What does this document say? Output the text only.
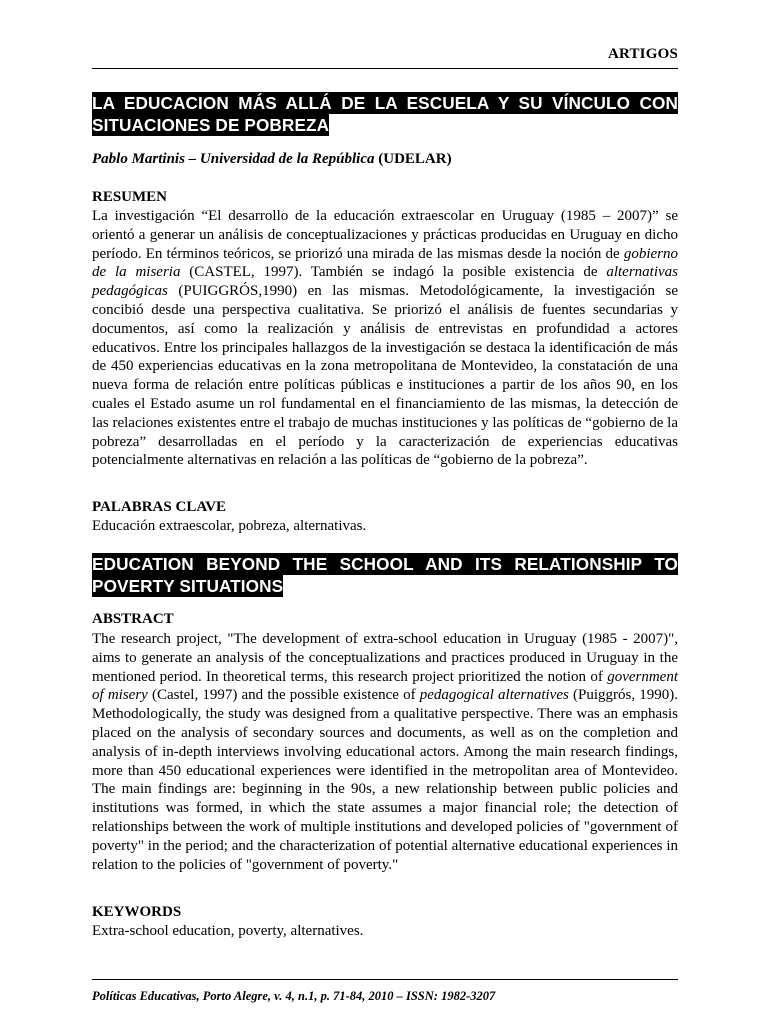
ARTIGOS
LA EDUCACION MÁS ALLÁ DE LA ESCUELA Y SU VÍNCULO CON SITUACIONES DE POBREZA
Pablo Martinis – Universidad de la República (UDELAR)
RESUMEN
La investigación “El desarrollo de la educación extraescolar en Uruguay (1985 – 2007)” se orientó a generar un análisis de conceptualizaciones y prácticas producidas en Uruguay en dicho período. En términos teóricos, se priorizó una mirada de las mismas desde la noción de gobierno de la miseria (CASTEL, 1997). También se indagó la posible existencia de alternativas pedagógicas (PUIGGRÓS,1990) en las mismas. Metodológicamente, la investigación se concibió desde una perspectiva cualitativa. Se priorizó el análisis de fuentes secundarias y documentos, así como la realización y análisis de entrevistas en profundidad a actores educativos. Entre los principales hallazgos de la investigación se destaca la identificación de más de 450 experiencias educativas en la zona metropolitana de Montevideo, la constatación de una nueva forma de relación entre políticas públicas e instituciones a partir de los años 90, en los cuales el Estado asume un rol fundamental en el financiamiento de las mismas, la detección de las relaciones existentes entre el trabajo de muchas instituciones y las políticas de “gobierno de la pobreza” desarrolladas en el período y la caracterización de experiencias educativas potencialmente alternativas en relación a las políticas de “gobierno de la pobreza”.
PALABRAS CLAVE
Educación extraescolar, pobreza, alternativas.
EDUCATION BEYOND THE SCHOOL AND ITS RELATIONSHIP TO POVERTY SITUATIONS
ABSTRACT
The research project, "The development of extra-school education in Uruguay (1985 - 2007)", aims to generate an analysis of the conceptualizations and practices produced in Uruguay in the mentioned period. In theoretical terms, this research project prioritized the notion of government of misery (Castel, 1997) and the possible existence of pedagogical alternatives (Puiggrós, 1990). Methodologically, the study was designed from a qualitative perspective. There was an emphasis placed on the analysis of secondary sources and documents, as well as on the completion and analysis of in-depth interviews involving educational actors. Among the main research findings, more than 450 educational experiences were identified in the metropolitan area of Montevideo. The main findings are: beginning in the 90s, a new relationship between public policies and institutions was formed, in which the state assumes a major financial role; the detection of relationships between the work of multiple institutions and developed policies of "government of poverty" in the period; and the characterization of potential alternative educational experiences in relation to the policies of "government of poverty."
KEYWORDS
Extra-school education, poverty, alternatives.
Políticas Educativas, Porto Alegre, v. 4, n.1, p. 71-84, 2010 – ISSN: 1982-3207
